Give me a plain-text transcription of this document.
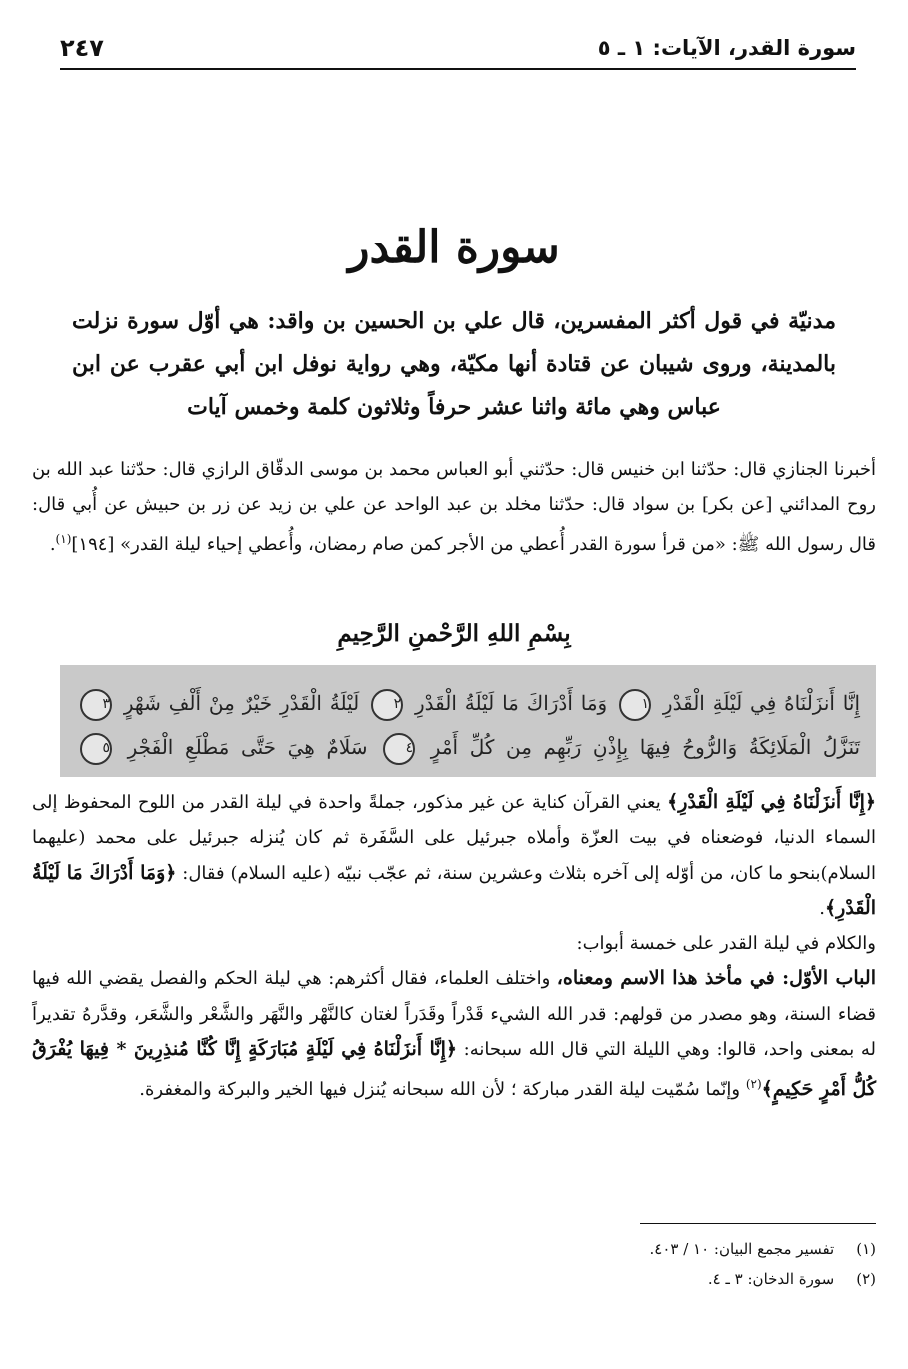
سورة القدر، الآيات: ١ ـ ٥
٢٤٧
سورة القدر
مدنيّة في قول أكثر المفسرين، قال علي بن الحسين بن واقد: هي أوّل سورة نزلت بالمدينة، وروى شيبان عن قتادة أنها مكيّة، وهي رواية نوفل ابن أبي عقرب عن ابن عباس وهي مائة واثنا عشر حرفاً وثلاثون كلمة وخمس آيات
أخبرنا الجنازي قال: حدّثنا ابن خنيس قال: حدّثني أبو العباس محمد بن موسى الدقّاق الرازي قال: حدّثنا عبد الله بن روح المدائني [عن بكر] بن سواد قال: حدّثنا مخلد بن عبد الواحد عن علي بن زيد عن زر بن حبيش عن أُبي قال: قال رسول الله ﷺ: «من قرأ سورة القدر أُعطي من الأجر كمن صام رمضان، وأُعطي إحياء ليلة القدر» [١٩٤]$^{(١)}$.
بِسْمِ اللهِ الرَّحْمنِ الرَّحِيمِ
إِنَّا أَنزَلْنَاهُ فِي لَيْلَةِ الْقَدْرِ ١ وَمَا أَدْرَاكَ مَا لَيْلَةُ الْقَدْرِ ٢ لَيْلَةُ الْقَدْرِ خَيْرٌ مِنْ أَلْفِ شَهْرٍ ٣ تَنَزَّلُ الْمَلَائِكَةُ وَالرُّوحُ فِيهَا بِإِذْنِ رَبِّهِم مِن كُلِّ أَمْرٍ ٤ سَلَامٌ هِيَ حَتَّى مَطْلَعِ الْفَجْرِ ٥

﴿إِنَّا أَنزَلْنَاهُ فِي لَيْلَةِ الْقَدْرِ﴾ يعني القرآن كناية عن غير مذكور، جملةً واحدة في ليلة القدر من اللوح المحفوظ إلى السماء الدنيا، فوضعناه في بيت العزّة وأملاه جبرئيل على السَّفَرة ثم كان يُنزله جبرئيل على محمد (عليهما السلام)بنحو ما كان، من أوّله إلى آخره بثلاث وعشرين سنة، ثم عجّب نبيّه (عليه السلام) فقال: ﴿وَمَا أَدْرَاكَ مَا لَيْلَةُ الْقَدْرِ﴾.

والكلام في ليلة القدر على خمسة أبواب:

الباب الأوّل: في مأخذ هذا الاسم ومعناه، واختلف العلماء، فقال أكثرهم: هي ليلة الحكم والفصل يقضي الله فيها قضاء السنة، وهو مصدر من قولهم: قدر الله الشيء قَدْراً وقَدَراً لغتان كالنَّهْر والنَّهَر والشَّعْر والشَّعَر، وقدَّرهُ تقديراً له بمعنى واحد، قالوا: وهي الليلة التي قال الله سبحانه: ﴿إِنَّا أَنزَلْنَاهُ فِي لَيْلَةٍ مُبَارَكَةٍ إِنَّا كُنَّا مُنذِرِينَ * فِيهَا يُفْرَقُ كُلُّ أَمْرٍ حَكِيمٍ﴾$^{(٢)}$ وإنّما سُمّيت ليلة القدر مباركة ؛ لأن الله سبحانه يُنزل فيها الخير والبركة والمغفرة.

(١)
تفسير مجمع البيان: ١٠ / ٤٠٣.
(٢)
سورة الدخان: ٣ ـ ٤.
